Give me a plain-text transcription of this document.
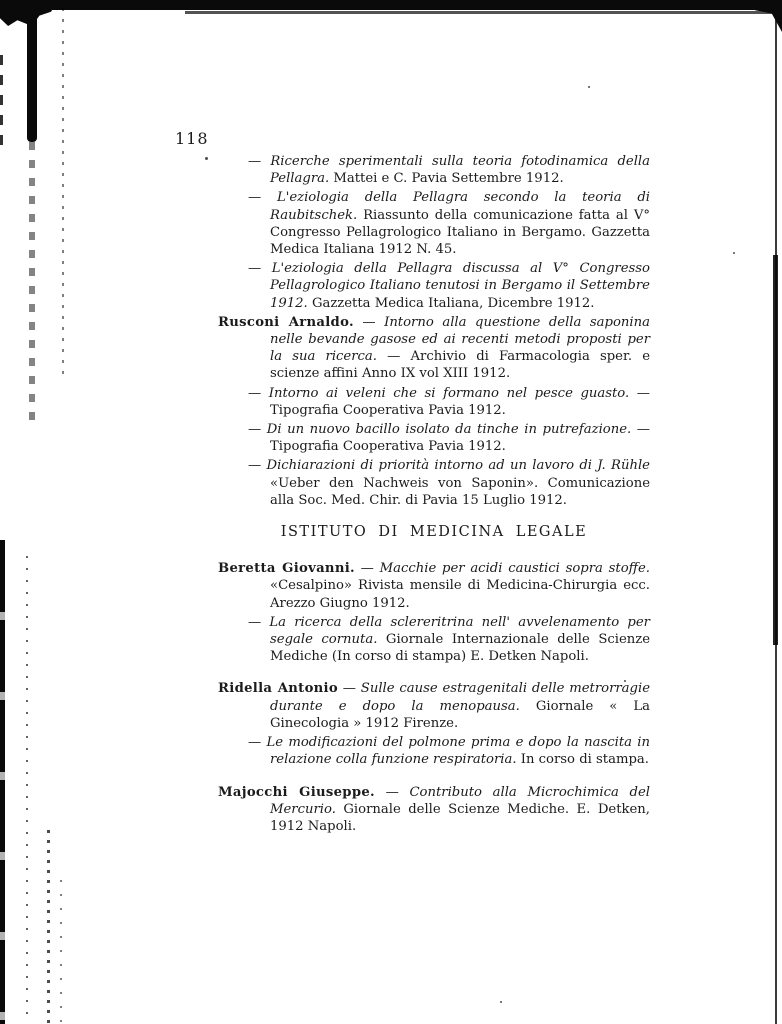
118
— Ricerche sperimentali sulla teoria fotodinamica della Pellagra. Mattei e C. Pavia Settembre 1912.
— L'eziologia della Pellagra secondo la teoria di Raubitschek. Riassunto della comunicazione fatta al V° Congresso Pellagrologico Italiano in Bergamo. Gazzetta Medica Italiana 1912 N. 45.
— L'eziologia della Pellagra discussa al V° Congresso Pellagrologico Italiano tenutosi in Bergamo il Settembre 1912. Gazzetta Medica Italiana, Dicembre 1912.
Rusconi Arnaldo. — Intorno alla questione della saponina nelle bevande gasose ed ai recenti metodi proposti per la sua ricerca. — Archivio di Farmacologia sper. e scienze affini Anno IX vol XIII 1912.
— Intorno ai veleni che si formano nel pesce guasto. — Tipografia Cooperativa Pavia 1912.
— Di un nuovo bacillo isolato da tinche in putrefazione. — Tipografia Cooperativa Pavia 1912.
— Dichiarazioni di priorità intorno ad un lavoro di J. Rühle «Ueber den Nachweis von Saponin». Comunicazione alla Soc. Med. Chir. di Pavia 15 Luglio 1912.
ISTITUTO DI MEDICINA LEGALE
Beretta Giovanni. — Macchie per acidi caustici sopra stoffe. «Cesalpino» Rivista mensile di Medicina-Chirurgia ecc. Arezzo Giugno 1912.
— La ricerca della sclereritrina nell' avvelenamento per segale cornuta. Giornale Internazionale delle Scienze Mediche (In corso di stampa) E. Detken Napoli.
Ridella Antonio — Sulle cause estragenitali delle metrorragie durante e dopo la menopausa. Giornale « La Ginecologia » 1912 Firenze.
— Le modificazioni del polmone prima e dopo la nascita in relazione colla funzione respiratoria. In corso di stampa.
Majocchi Giuseppe. — Contributo alla Microchimica del Mercurio. Giornale delle Scienze Mediche. E. Detken, 1912 Napoli.
